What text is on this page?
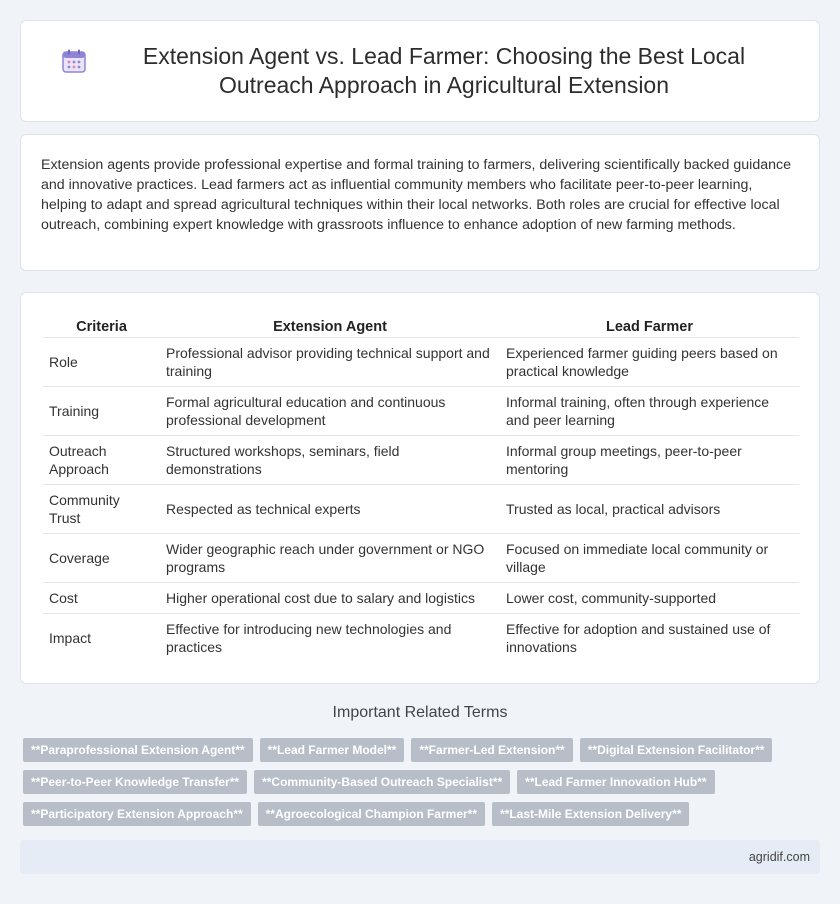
Extension Agent vs. Lead Farmer: Choosing the Best Local Outreach Approach in Agricultural Extension

Extension agents provide professional expertise and formal training to farmers, delivering scientifically backed guidance and innovative practices. Lead farmers act as influential community members who facilitate peer-to-peer learning, helping to adapt and spread agricultural techniques within their local networks. Both roles are crucial for effective local outreach, combining expert knowledge with grassroots influence to enhance adoption of new farming methods.

Criteria	Extension Agent	Lead Farmer
Role	Professional advisor providing technical support and training	Experienced farmer guiding peers based on practical knowledge
Training	Formal agricultural education and continuous professional development	Informal training, often through experience and peer learning
Outreach Approach	Structured workshops, seminars, field demonstrations	Informal group meetings, peer-to-peer mentoring
Community Trust	Respected as technical experts	Trusted as local, practical advisors
Coverage	Wider geographic reach under government or NGO programs	Focused on immediate local community or village
Cost	Higher operational cost due to salary and logistics	Lower cost, community-supported
Impact	Effective for introducing new technologies and practices	Effective for adoption and sustained use of innovations
Important Related Terms
**Paraprofessional Extension Agent**	**Lead Farmer Model**	**Farmer-Led Extension**	**Digital Extension Facilitator**
**Peer-to-Peer Knowledge Transfer**	**Community-Based Outreach Specialist**	**Lead Farmer Innovation Hub**
**Participatory Extension Approach**	**Agroecological Champion Farmer**	**Last-Mile Extension Delivery**
agridif.com
